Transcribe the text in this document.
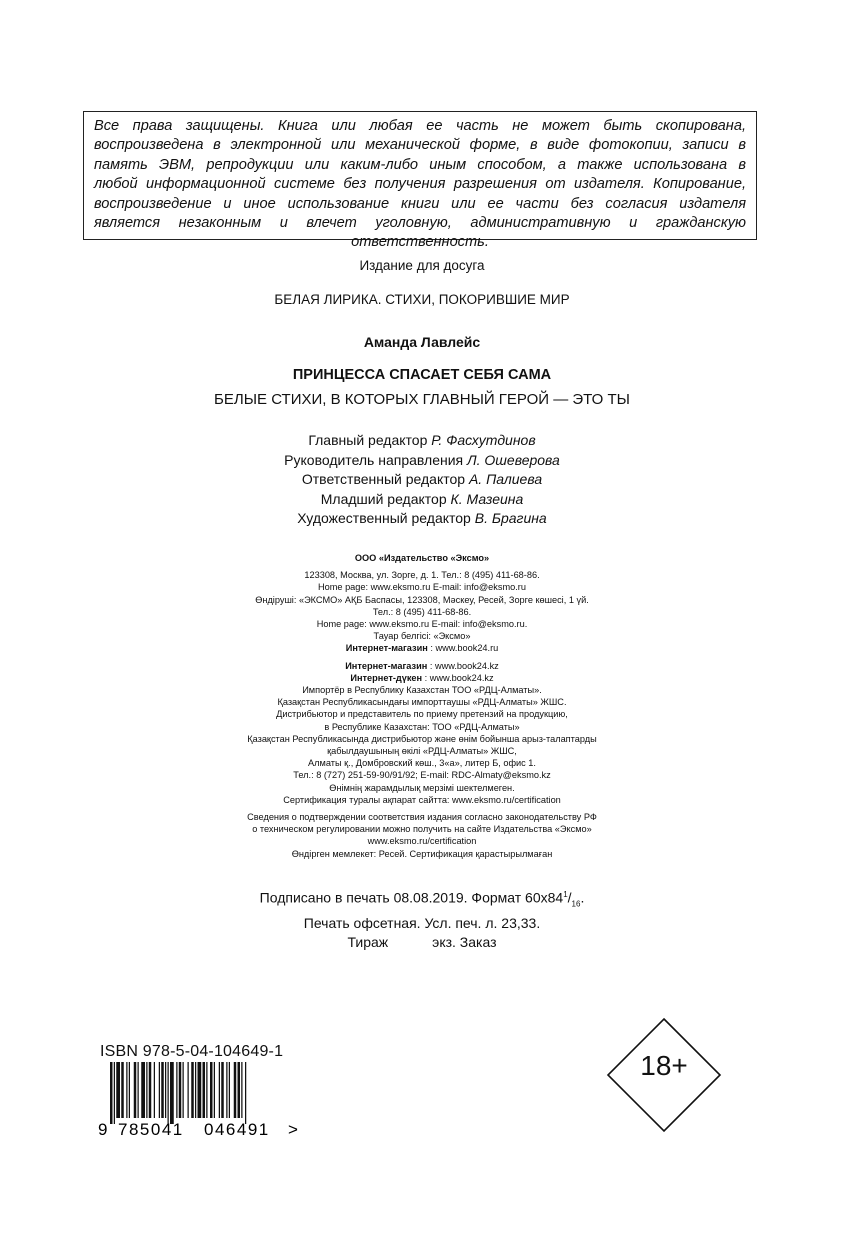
Все права защищены. Книга или любая ее часть не может быть скопирована,
воспроизведена в электронной или механической форме, в виде фотокопии, записи в
память ЭВМ, репродукции или каким-либо иным способом, а также использована в
любой информационной системе без получения разрешения от издателя. Копирование,
воспроизведение и иное использование книги или ее части без согласия издателя
является незаконным и влечет уголовную, административную и гражданскую
ответственность.
Издание для досуга
БЕЛАЯ ЛИРИКА. СТИХИ, ПОКОРИВШИЕ МИР
Аманда Лавлейс
ПРИНЦЕССА СПАСАЕТ СЕБЯ САМА
БЕЛЫЕ СТИХИ, В КОТОРЫХ ГЛАВНЫЙ ГЕРОЙ — ЭТО ТЫ
Главный редактор Р. Фасхутдинов
Руководитель направления Л. Ошеверова
Ответственный редактор А. Палиева
Младший редактор К. Мазеина
Художественный редактор В. Брагина
ООО «Издательство «Эксмо»
123308, Москва, ул. Зорге, д. 1. Тел.: 8 (495) 411-68-86.
Home page: www.eksmo.ru E-mail: info@eksmo.ru
Өндіруші: «ЭКСМО» АҚБ Баспасы, 123308, Мәскеу, Ресей, Зорге көшесі, 1 үй.
Тел.: 8 (495) 411-68-86.
Home page: www.eksmo.ru E-mail: info@eksmo.ru.
Тауар белгісі: «Эксмо»
Интернет-магазин : www.book24.ru
Интернет-магазин : www.book24.kz
Интернет-дүкен : www.book24.kz
Импортёр в Республику Казахстан ТОО «РДЦ-Алматы».
Қазақстан Республикасындағы импорттаушы «РДЦ-Алматы» ЖШС.
Дистрибьютор и представитель по приему претензий на продукцию,
в Республике Казахстан: ТОО «РДЦ-Алматы»
Қазақстан Республикасында дистрибьютор және өнім бойынша арыз-талаптарды
қабылдаушының өкілі «РДЦ-Алматы» ЖШС,
Алматы қ., Домбровский көш., 3«а», литер Б, офис 1.
Тел.: 8 (727) 251-59-90/91/92; E-mail: RDC-Almaty@eksmo.kz
Өнімнің жарамдылық мерзімі шектелмеген.
Сертификация туралы ақпарат сайтта: www.eksmo.ru/certification
Сведения о подтверждении соответствия издания согласно законодательству РФ
о техническом регулировании можно получить на сайте Издательства «Эксмо»
www.eksmo.ru/certification
Өндірген мемлекет: Ресей. Сертификация қарастырылмаған
Подписано в печать 08.08.2019. Формат $60x84^1/_{16}$.
Печать офсетная. Усл. печ. л. 23,33.
Тираж	экз. Заказ
ISBN 978-5-04-104649-1
9 785041 046491 >
18+
